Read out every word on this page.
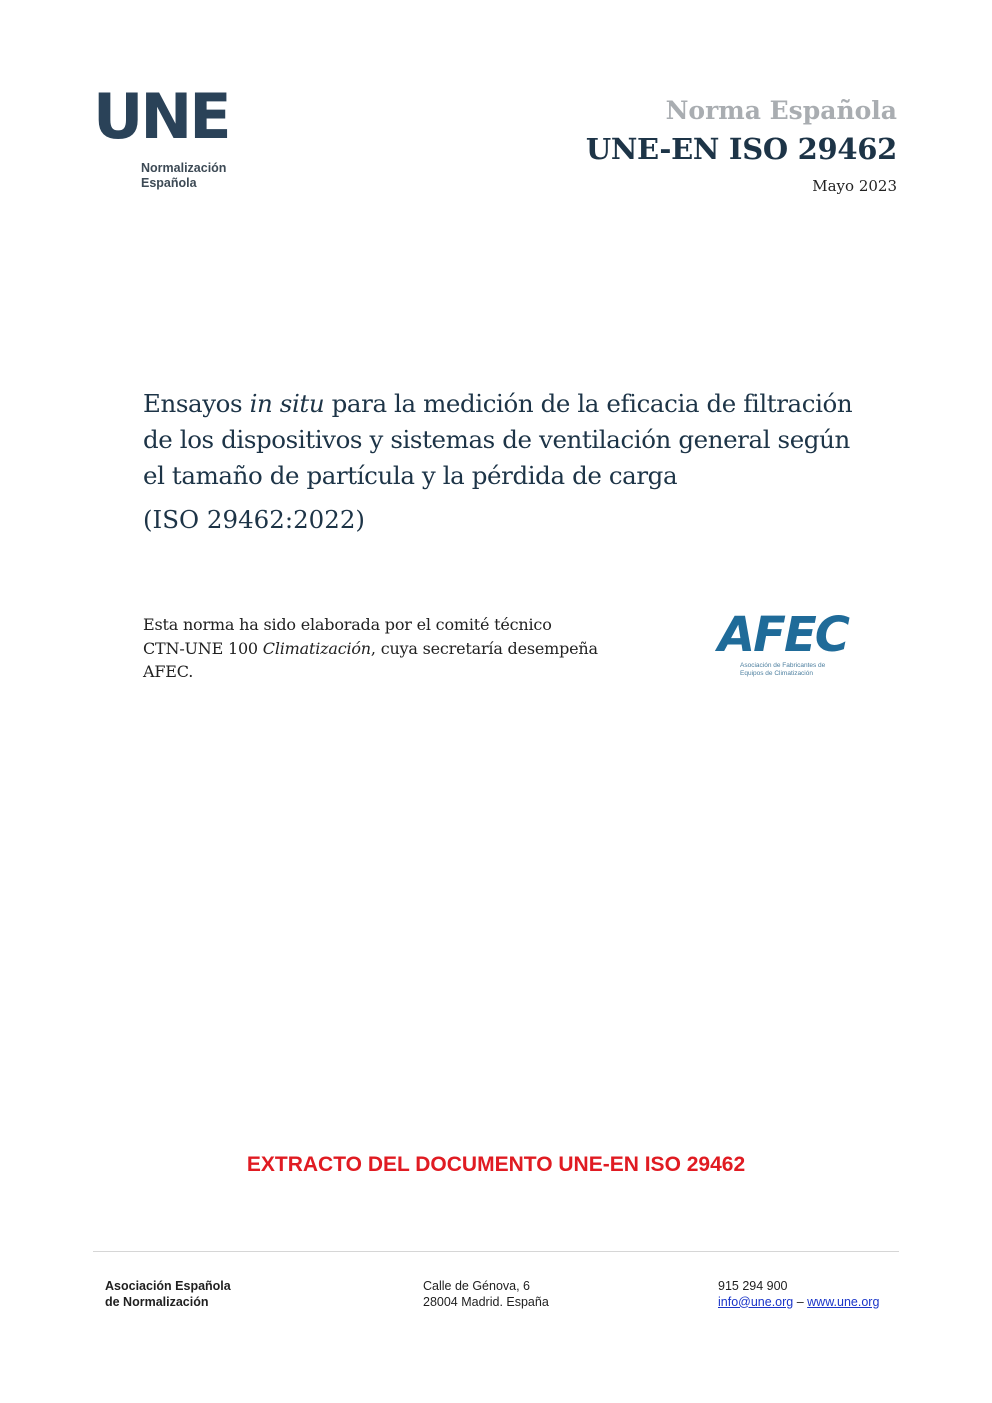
UNE
Normalización
Española
Norma Española
UNE-EN ISO 29462
Mayo 2023

Ensayos in situ para la medición de la eficacia de filtración

de los dispositivos y sistemas de ventilación general según

el tamaño de partícula y la pérdida de carga

(ISO 29462:2022)

Esta norma ha sido elaborada por el comité técnico

CTN-UNE 100 Climatización, cuya secretaría desempeña

AFEC.

AFEC
Asociación de Fabricantes de
Equipos de Climatización
EXTRACTO DEL DOCUMENTO UNE-EN ISO 29462

Asociación Española

de Normalización

Calle de Génova, 6

28004 Madrid. España

915 294 900

info@une.org – www.une.org
